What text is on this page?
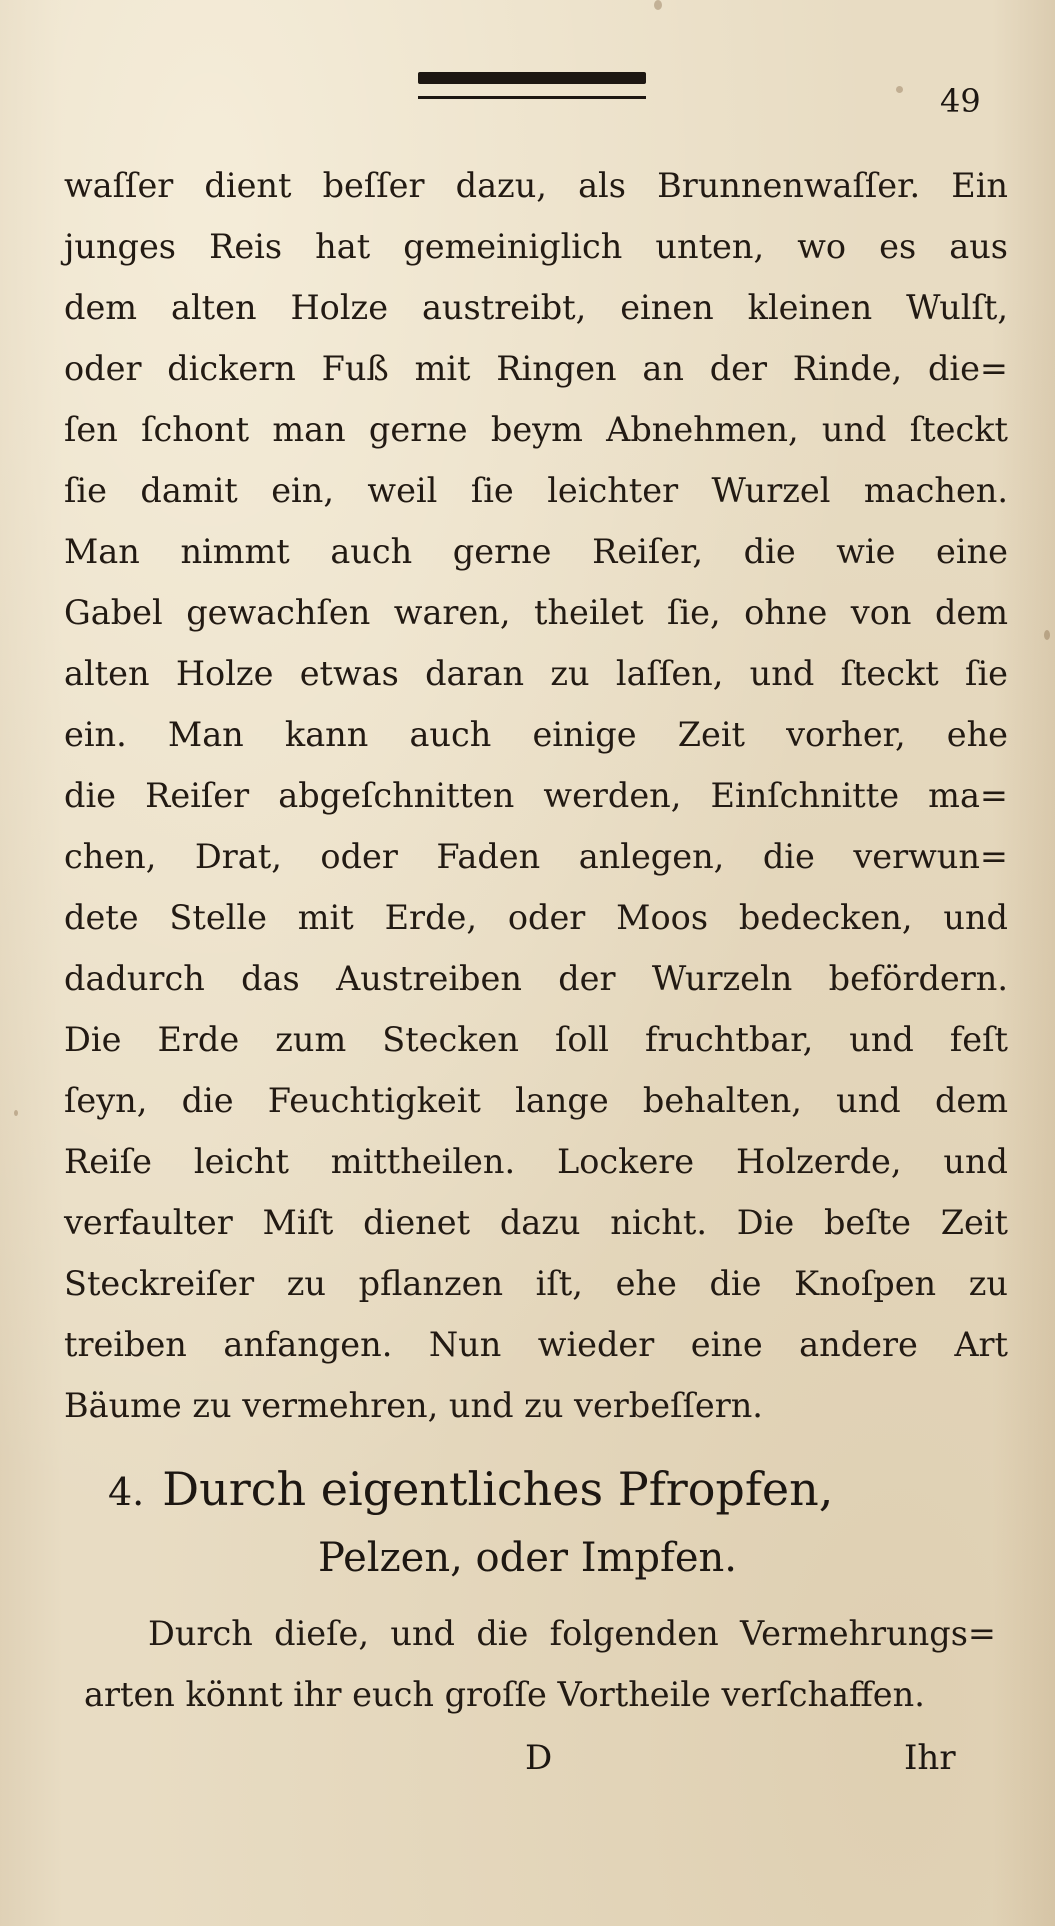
49
waſſer dient beſſer dazu, als Brunnenwaſſer. Ein
junges Reis hat gemeiniglich unten, wo es aus
dem alten Holze austreibt, einen kleinen Wulſt,
oder dickern Fuß mit Ringen an der Rinde, die=
ſen ſchont man gerne beym Abnehmen, und ſteckt
ſie damit ein, weil ſie leichter Wurzel machen.
Man nimmt auch gerne Reiſer, die wie eine
Gabel gewachſen waren, theilet ſie, ohne von dem
alten Holze etwas daran zu laſſen, und ſteckt ſie
ein. Man kann auch einige Zeit vorher, ehe
die Reiſer abgeſchnitten werden, Einſchnitte ma=
chen, Drat, oder Faden anlegen, die verwun=
dete Stelle mit Erde, oder Moos bedecken, und
dadurch das Austreiben der Wurzeln befördern.
Die Erde zum Stecken ſoll fruchtbar, und feſt
ſeyn, die Feuchtigkeit lange behalten, und dem
Reiſe leicht mittheilen. Lockere Holzerde, und
verfaulter Miſt dienet dazu nicht. Die beſte Zeit
Steckreiſer zu pflanzen iſt, ehe die Knoſpen zu
treiben anfangen. Nun wieder eine andere Art
Bäume zu vermehren, und zu verbeſſern.
4. Durch eigentliches Pfropfen,
Pelzen, oder Impfen.
Durch dieſe, und die folgenden Vermehrungs=
arten könnt ihr euch groſſe Vortheile verſchaffen.
D	Ihr
